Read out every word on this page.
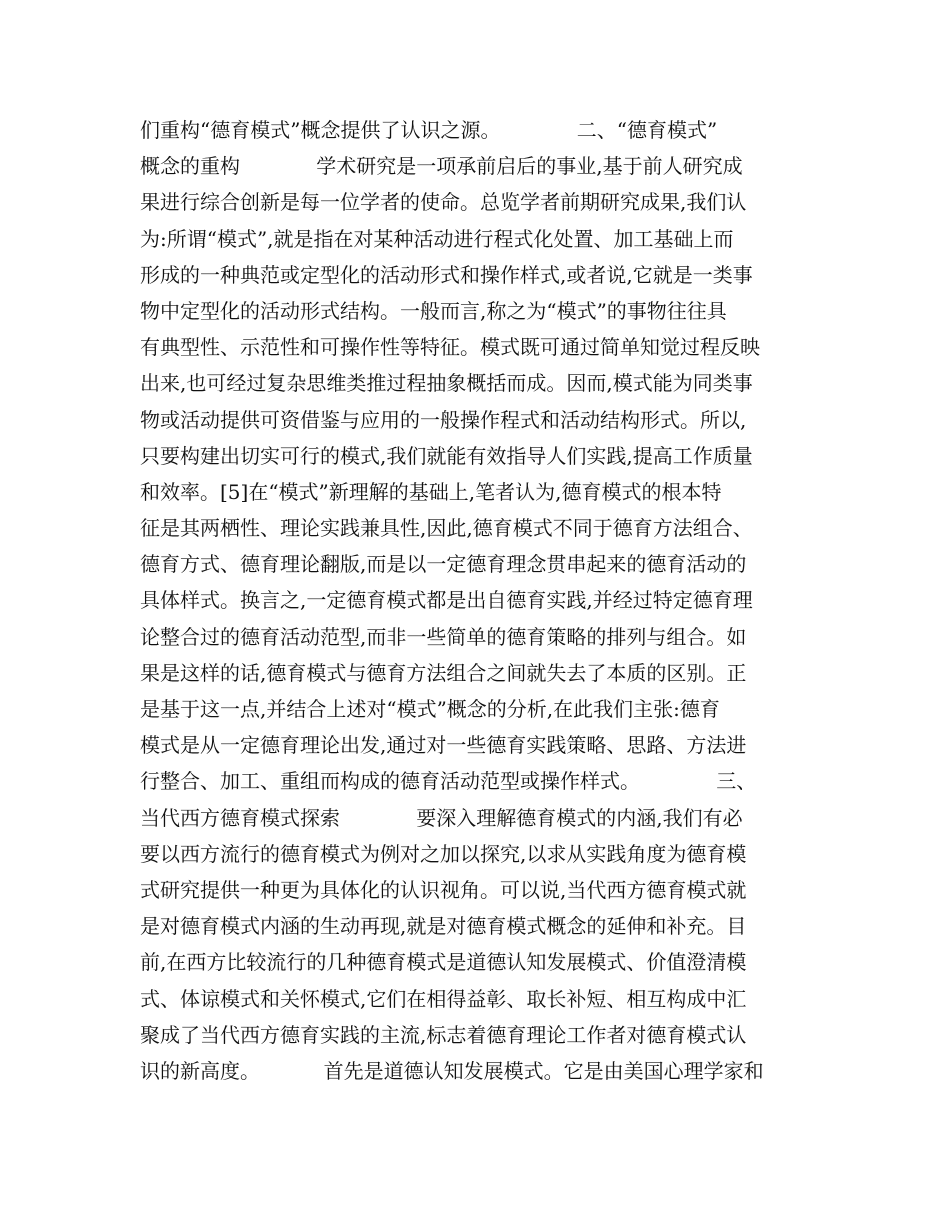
们重构“德育模式”概念提供了认识之源。            二、“德育模式”
概念的重构            学术研究是一项承前启后的事业,基于前人研究成
果进行综合创新是每一位学者的使命。总览学者前期研究成果,我们认
为:所谓“模式”,就是指在对某种活动进行程式化处置、加工基础上而
形成的一种典范或定型化的活动形式和操作样式,或者说,它就是一类事
物中定型化的活动形式结构。一般而言,称之为“模式”的事物往往具
有典型性、示范性和可操作性等特征。模式既可通过简单知觉过程反映
出来,也可经过复杂思维类推过程抽象概括而成。因而,模式能为同类事
物或活动提供可资借鉴与应用的一般操作程式和活动结构形式。所以,
只要构建出切实可行的模式,我们就能有效指导人们实践,提高工作质量
和效率。[5]在“模式”新理解的基础上,笔者认为,德育模式的根本特
征是其两栖性、理论实践兼具性,因此,德育模式不同于德育方法组合、
德育方式、德育理论翻版,而是以一定德育理念贯串起来的德育活动的
具体样式。换言之,一定德育模式都是出自德育实践,并经过特定德育理
论整合过的德育活动范型,而非一些简单的德育策略的排列与组合。如
果是这样的话,德育模式与德育方法组合之间就失去了本质的区别。正
是基于这一点,并结合上述对“模式”概念的分析,在此我们主张:德育
模式是从一定德育理论出发,通过对一些德育实践策略、思路、方法进
行整合、加工、重组而构成的德育活动范型或操作样式。            三、
当代西方德育模式探索            要深入理解德育模式的内涵,我们有必
要以西方流行的德育模式为例对之加以探究,以求从实践角度为德育模
式研究提供一种更为具体化的认识视角。可以说,当代西方德育模式就
是对德育模式内涵的生动再现,就是对德育模式概念的延伸和补充。目
前,在西方比较流行的几种德育模式是道德认知发展模式、价值澄清模
式、体谅模式和关怀模式,它们在相得益彰、取长补短、相互构成中汇
聚成了当代西方德育实践的主流,标志着德育理论工作者对德育模式认
识的新高度。          首先是道德认知发展模式。它是由美国心理学家和
